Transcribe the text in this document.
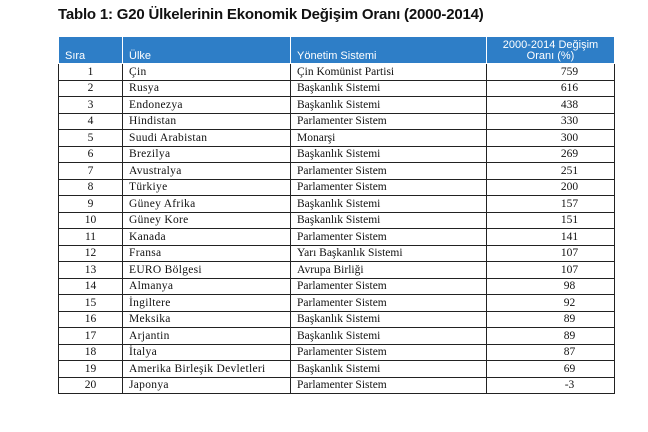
Tablo 1: G20 Ülkelerinin Ekonomik Değişim Oranı (2000-2014)
Sıra	Ülke	Yönetim Sistemi	2000-2014 Değişim
Oranı (%)
1	Çin	Çin Komünist Partisi	759
2	Rusya	Başkanlık Sistemi	616
3	Endonezya	Başkanlık Sistemi	438
4	Hindistan	Parlamenter Sistem	330
5	Suudi Arabistan	Monarşi	300
6	Brezilya	Başkanlık Sistemi	269
7	Avustralya	Parlamenter Sistem	251
8	Türkiye	Parlamenter Sistem	200
9	Güney Afrika	Başkanlık Sistemi	157
10	Güney Kore	Başkanlık Sistemi	151
11	Kanada	Parlamenter Sistem	141
12	Fransa	Yarı Başkanlık Sistemi	107
13	EURO Bölgesi	Avrupa Birliği	107
14	Almanya	Parlamenter Sistem	98
15	İngiltere	Parlamenter Sistem	92
16	Meksika	Başkanlık Sistemi	89
17	Arjantin	Başkanlık Sistemi	89
18	İtalya	Parlamenter Sistem	87
19	Amerika Birleşik Devletleri	Başkanlık Sistemi	69
20	Japonya	Parlamenter Sistem	-3
